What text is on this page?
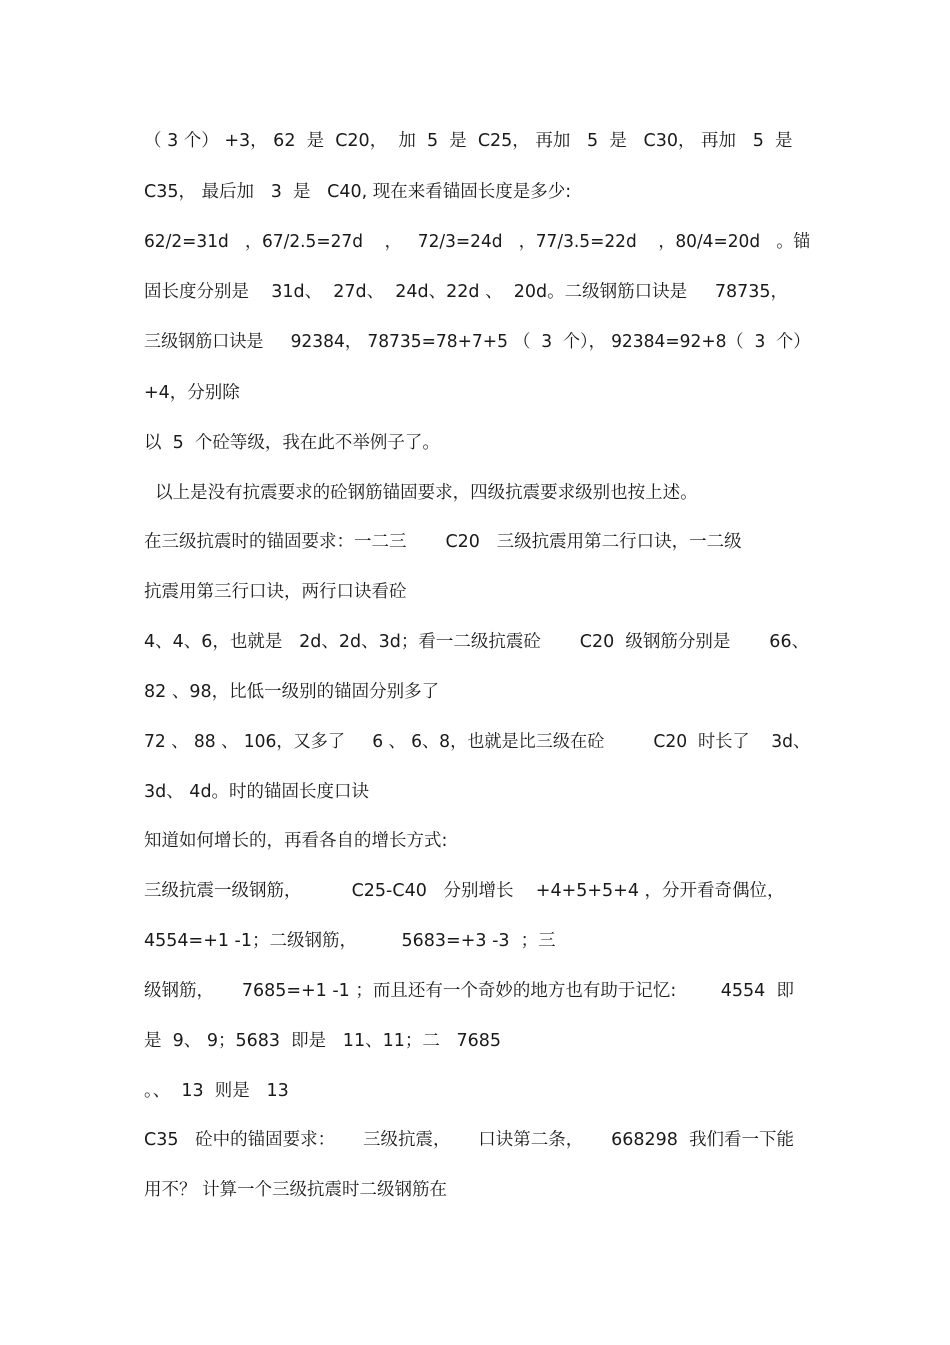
（ 3 个） +3， 62  是  C20，  加  5  是  C25， 再加   5  是   C30， 再加   5  是
C35， 最后加   3  是   C40, 现在来看锚固长度是多少:
62/2=31d   ，67/2.5=27d    ，   72/3=24d   ，77/3.5=22d    ，80/4=20d   。锚
固长度分别是    31d、  27d、  24d、22d 、  20d。二级钢筋口诀是     78735，
三级钢筋口诀是     92384， 78735=78+7+5 （  3  个）， 92384=92+8（  3  个）
+4，分别除
以  5  个砼等级，我在此不举例子了。
以上是没有抗震要求的砼钢筋锚固要求，四级抗震要求级别也按上述。
在三级抗震时的锚固要求：一二三       C20   三级抗震用第二行口诀，一二级
抗震用第三行口诀，两行口诀看砼
4、4、6，也就是   2d、2d、3d；看一二级抗震砼       C20  级钢筋分别是       66、
82 、98，比低一级别的锚固分别多了
72 、 88 、 106，又多了     6 、 6、8，也就是比三级在砼         C20  时长了    3d、
3d、 4d。时的锚固长度口诀
知道如何增长的，再看各自的增长方式:
三级抗震一级钢筋，         C25-C40   分别增长    +4+5+5+4 ，分开看奇偶位，
4554=+1 -1；二级钢筋，        5683=+3 -3  ；三
级钢筋，     7685=+1 -1 ；而且还有一个奇妙的地方也有助于记忆:        4554  即
是  9、 9；5683  即是   11、11；二   7685
。、  13  则是   13
C35   砼中的锚固要求：     三级抗震，     口诀第二条，     668298  我们看一下能
用不？ 计算一个三级抗震时二级钢筋在
